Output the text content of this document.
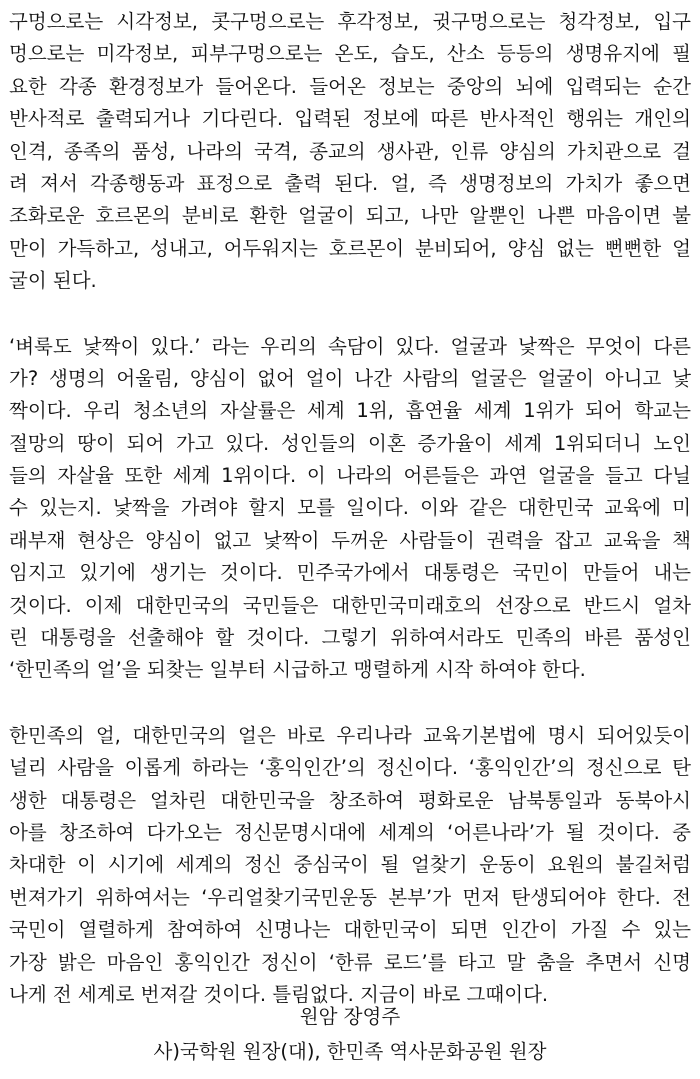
구멍으로는 시각정보, 콧구멍으로는 후각정보, 귓구멍으로는 청각정보, 입구
멍으로는 미각정보, 피부구멍으로는 온도, 습도, 산소 등등의 생명유지에 필
요한 각종 환경정보가 들어온다. 들어온 정보는 중앙의 뇌에 입력되는 순간
반사적로 출력되거나 기다린다. 입력된 정보에 따른 반사적인 행위는 개인의
인격, 종족의 품성, 나라의 국격, 종교의 생사관, 인류 양심의 가치관으로 걸
려 져서 각종행동과 표정으로 출력 된다. 얼, 즉 생명정보의 가치가 좋으면
조화로운 호르몬의 분비로 환한 얼굴이 되고, 나만 알뿐인 나쁜 마음이면 불
만이 가득하고, 성내고, 어두워지는 호르몬이 분비되어, 양심 없는 뻔뻔한 얼
굴이 된다.
‘벼룩도 낯짝이 있다.’ 라는 우리의 속담이 있다. 얼굴과 낯짝은 무엇이 다른
가? 생명의 어울림, 양심이 없어 얼이 나간 사람의 얼굴은 얼굴이 아니고 낯
짝이다. 우리 청소년의 자살률은 세계 1위, 흡연율 세계 1위가 되어 학교는
절망의 땅이 되어 가고 있다. 성인들의 이혼 증가율이 세계 1위되더니 노인
들의 자살율 또한 세계 1위이다. 이 나라의 어른들은 과연 얼굴을 들고 다닐
수 있는지. 낯짝을 가려야 할지 모를 일이다. 이와 같은 대한민국 교육에 미
래부재 현상은 양심이 없고 낯짝이 두꺼운 사람들이 권력을 잡고 교육을 책
임지고 있기에 생기는 것이다. 민주국가에서 대통령은 국민이 만들어 내는
것이다. 이제 대한민국의 국민들은 대한민국미래호의 선장으로 반드시 얼차
린 대통령을 선출해야 할 것이다. 그렇기 위하여서라도 민족의 바른 품성인
‘한민족의 얼’을 되찾는 일부터 시급하고 맹렬하게 시작 하여야 한다.
한민족의 얼, 대한민국의 얼은 바로 우리나라 교육기본법에 명시 되어있듯이
널리 사람을 이롭게 하라는 ‘홍익인간’의 정신이다. ‘홍익인간’의 정신으로 탄
생한 대통령은 얼차린 대한민국을 창조하여 평화로운 남북통일과 동북아시
아를 창조하여 다가오는 정신문명시대에 세계의 ‘어른나라’가 될 것이다. 중
차대한 이 시기에 세계의 정신 중심국이 될 얼찾기 운동이 요원의 불길처럼
번져가기 위하여서는 ‘우리얼찾기국민운동 본부’가 먼저 탄생되어야 한다. 전
국민이 열렬하게 참여하여 신명나는 대한민국이 되면 인간이 가질 수 있는
가장 밝은 마음인 홍익인간 정신이 ‘한류 로드’를 타고 말 춤을 추면서 신명
나게 전 세계로 번져갈 것이다. 틀림없다. 지금이 바로 그때이다.
원암 장영주
사)국학원 원장(대), 한민족 역사문화공원 원장
